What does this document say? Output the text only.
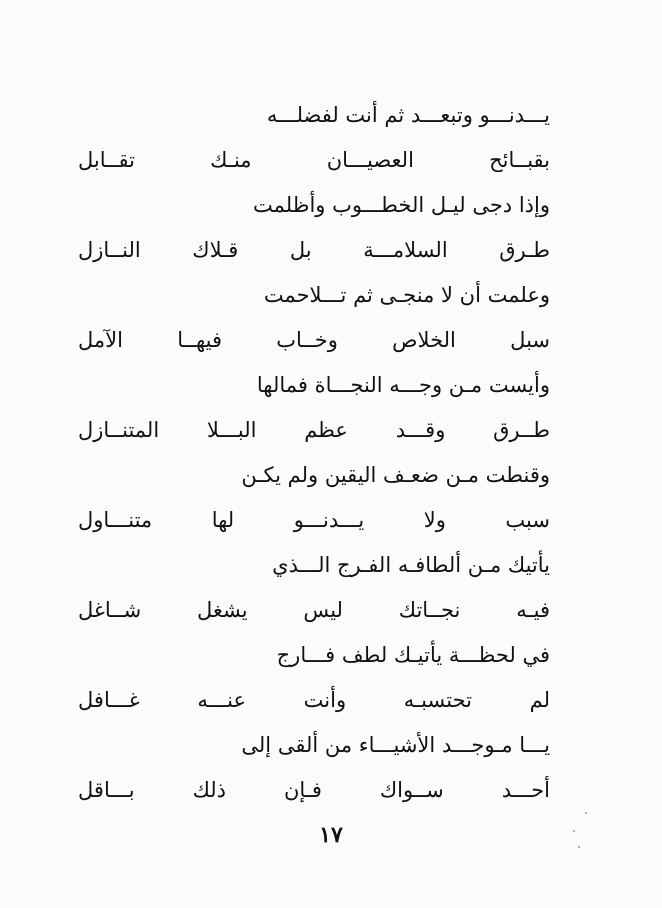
يـــدنـــو وتبعـــد ثم أنت لفضلـــه
بقبــائح العصيـــان منـك تقــابل
وإذا دجى ليـل الخطـــوب وأظلمت
طـرق السلامـــة بل قـلاك النــازل
وعلمت أن لا منجـى ثم تـــلاحمت
سبل الخلاص وخــاب فيهــا الآمل
وأيست مـن وجـــه النجـــاة فمالها
طــرق وقـــد عظم البـــلا المتنــازل
وقنطت مـن ضعـف اليقين ولم يكـن
سبب ولا يـــدنـــو لها متنـــاول
يأتيك مـن ألطافـه الفـرج الـــذي
فيـه نجــاتك ليس يشغل شــاغل
في لحظـــة يأتيـك لطف فـــارج
لم تحتسبـه وأنت عنـــه غـــافل
يـــا مـوجـــد الأشيـــاء من ألقى إلى
أحـــد ســواك فـإن ذلك بـــاقل
١٧
